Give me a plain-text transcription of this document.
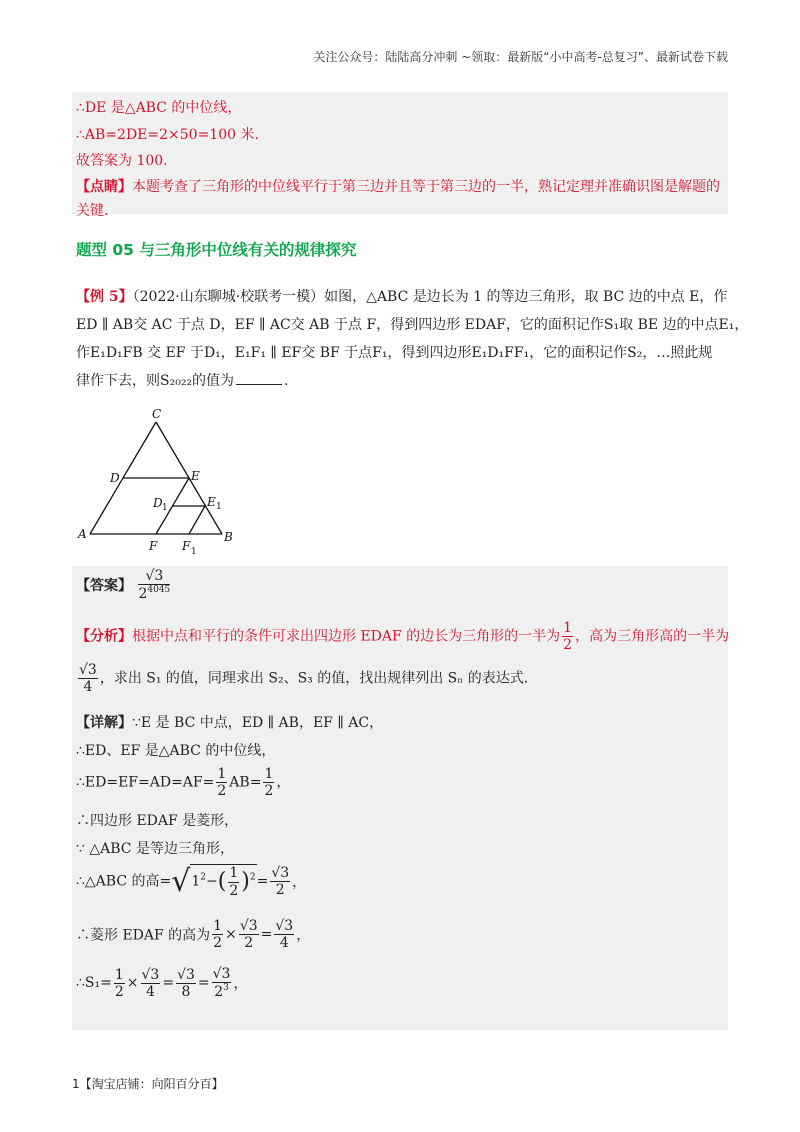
关注公众号：陆陆高分冲刺 ~领取：最新版“小中高考-总复习”、最新试卷下载
∴DE 是△ABC 的中位线，
∴AB=2DE=2×50=100 米.
故答案为 100.
【点睛】本题考查了三角形的中位线平行于第三边并且等于第三边的一半，熟记定理并准确识图是解题的
关键.
题型 05 与三角形中位线有关的规律探究
【例 5】（2022·山东聊城·校联考一模）如图，△ABC 是边长为 1 的等边三角形，取 BC 边的中点 E，作
ED ∥ AB交 AC 于点 D，EF ∥ AC交 AB 于点 F，得到四边形 EDAF，它的面积记作S₁取 BE 边的中点E₁，
作E₁D₁FB 交 EF 于D₁，E₁F₁ ∥ EF交 BF 于点F₁，得到四边形E₁D₁FF₁，它的面积记作S₂，…照此规
律作下去，则S₂₀₂₂的值为	.
C
D	E
D	E
A
F F
B
1	1
1
【答案】 $\frac{√3}{2^{4045}}$
【分析】根据中点和平行的条件可求出四边形 EDAF 的边长为三角形的一半为 $\frac{1}{2}$ ，高为三角形高的一半为
$\frac{√3}{4}$ ，求出 S₁ 的值，同理求出 S₂、S₃ 的值，找出规律列出 Sₙ 的表达式.
【详解】∵E 是 BC 中点，ED ∥ AB，EF ∥ AC，
∴ED、EF 是△ABC 的中位线，
∴ED=EF=AD=AF= $\frac{1}{2} AB= \frac{1}{2}$ ，
∴四边形 EDAF 是菱形，
∵ △ABC 是等边三角形，
∴△ABC 的高$=√1^2-( \frac{1}{2} )^2= \frac{√3}{2}$ ，
∴菱形 EDAF 的高为 $\frac{1}{2} \times \frac{√3}{2} = \frac{√3}{4}$ ，
∴S₁= $\frac{1}{2} \times \frac{√3}{4} = \frac{√3}{8} = \frac{√3}{2^3}$ ，
1【淘宝店铺：向阳百分百】
